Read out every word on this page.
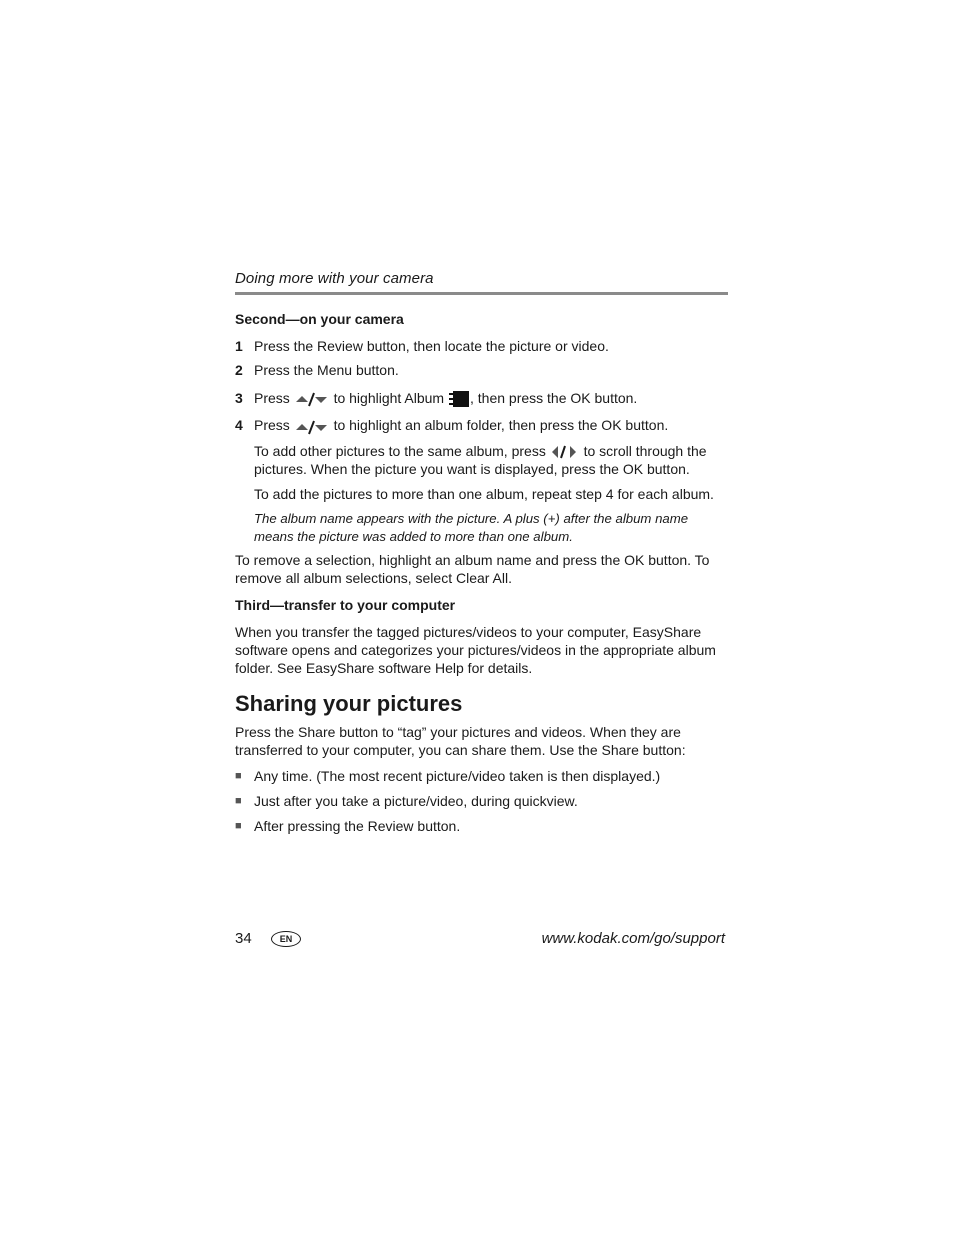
Doing more with your camera
Second—on your camera
1 Press the Review button, then locate the picture or video.
2 Press the Menu button.
3 Press	to highlight Album , then press the OK button.
4 Press	to highlight an album folder, then press the OK button.
To add other pictures to the same album, press	to scroll through the pictures. When the picture you want is displayed, press the OK button.
To add the pictures to more than one album, repeat step 4 for each album.
The album name appears with the picture. A plus (+) after the album name means the picture was added to more than one album.
To remove a selection, highlight an album name and press the OK button. To remove all album selections, select Clear All.
Third—transfer to your computer
When you transfer the tagged pictures/videos to your computer, EasyShare software opens and categorizes your pictures/videos in the appropriate album folder. See EasyShare software Help for details.
Sharing your pictures
Press the Share button to “tag” your pictures and videos. When they are transferred to your computer, you can share them. Use the Share button:
■ Any time. (The most recent picture/video taken is then displayed.)
■ Just after you take a picture/video, during quickview.
■ After pressing the Review button.
34	EN	www.kodak.com/go/support
